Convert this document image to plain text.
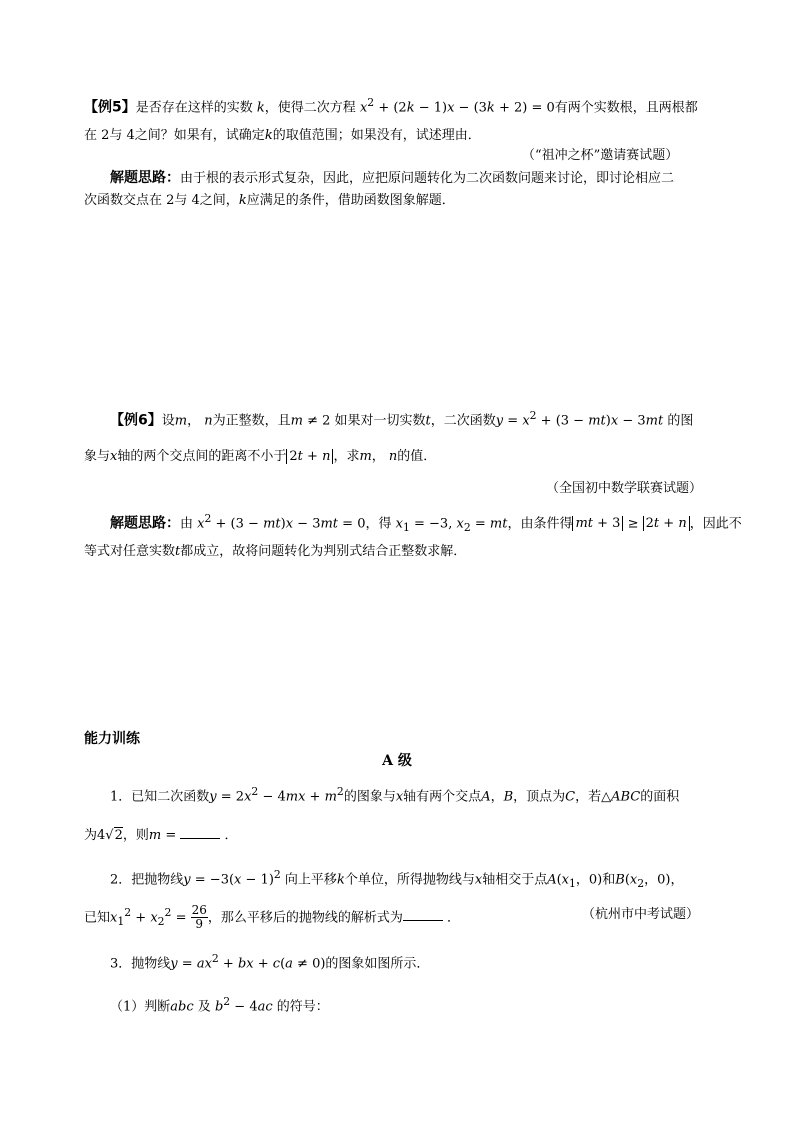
【例5】是否存在这样的实数 k，使得二次方程 $x^2 + (2k - 1)x - (3k + 2) = 0$有两个实数根，且两根都
在 2与 4之间？如果有，试确定k的取值范围；如果没有，试述理由．
（“祖冲之杯”邀请赛试题）
解题思路：由于根的表示形式复杂，因此，应把原问题转化为二次函数问题来讨论，即讨论相应二
次函数交点在 2与 4之间，k应满足的条件，借助函数图象解题．
【例6】设m， n为正整数，且m ≠ 2 如果对一切实数t，二次函数$y = x^2 + (3 - mt)x - 3mt$ 的图
象与x轴的两个交点间的距离不小于 2t + n ，求m， n的值．
（全国初中数学联赛试题）
解题思路：由 $x^2 + (3 - mt)x - 3mt = 0$，得 $x_1 = -3$, $x_2$ = mt，由条件得 mt + 3 ≥ 2t + n ，因此不
等式对任意实数t都成立，故将问题转化为判别式结合正整数求解．
能力训练
A 级
1．已知二次函数$y = 2x^2 - 4mx + m^2$的图象与x轴有两个交点A，B，顶点为C，若△ABC的面积
为4√2，则m =	．
2．把抛物线$y = -3(x - 1)^2$ 向上平移k个单位，所得抛物线与x轴相交于点$A(x_1$，0)和$B(x_2$，0)，
已知$x_1^2 + x_2^2 = \frac{26}{9}$ ，那么平移后的抛物线的解析式为	．	（杭州市中考试题）
3．抛物线$y = ax^2$ + bx + c(a ≠ 0)的图象如图所示．
（1）判断abc 及 $b^2 - 4ac$ 的符号：
